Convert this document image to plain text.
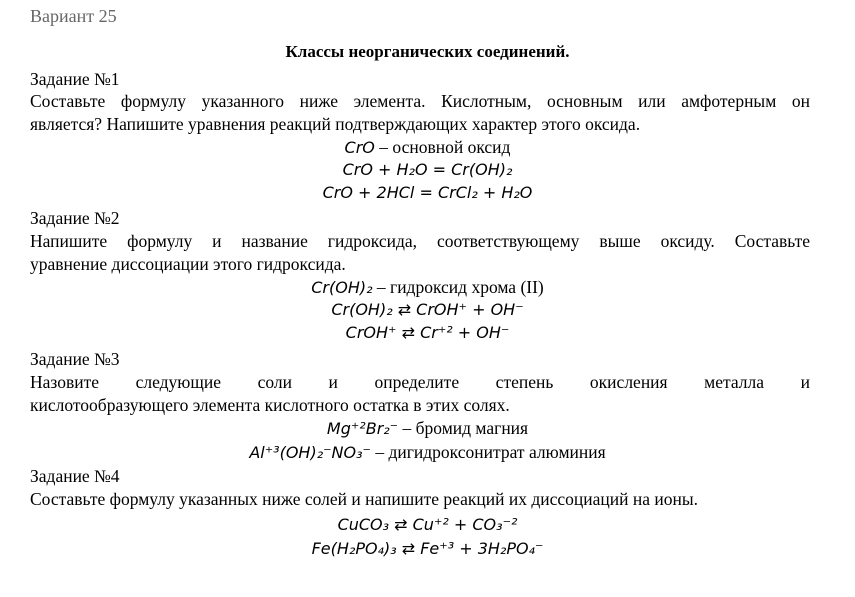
Вариант 25
Классы неорганических соединений.
Задание №1
Составьте формулу указанного ниже элемента. Кислотным, основным или амфотерным он
является? Напишите уравнения реакций подтверждающих характер этого оксида.
CrO – основной оксид
CrO + H₂O = Cr(OH)₂
CrO + 2HCl = CrCl₂ + H₂O
Задание №2
Напишите формулу и название гидроксида, соответствующему выше оксиду. Составьте
уравнение диссоциации этого гидроксида.
Cr(OH)₂ – гидроксид хрома (II)
Cr(OH)₂ ⇄ CrOH⁺ + OH⁻
CrOH⁺ ⇄ Cr⁺² + OH⁻
Задание №3
Назовите следующие соли и определите степень окисления металла и
кислотообразующего элемента кислотного остатка в этих солях.
Mg⁺²Br₂⁻ – бромид магния
Al⁺³(OH)₂⁻NO₃⁻ – дигидроксонитрат алюминия
Задание №4
Составьте формулу указанных ниже солей и напишите реакций их диссоциаций на ионы.
CuCO₃ ⇄ Cu⁺² + CO₃⁻²
Fe(H₂PO₄)₃ ⇄ Fe⁺³ + 3H₂PO₄⁻
